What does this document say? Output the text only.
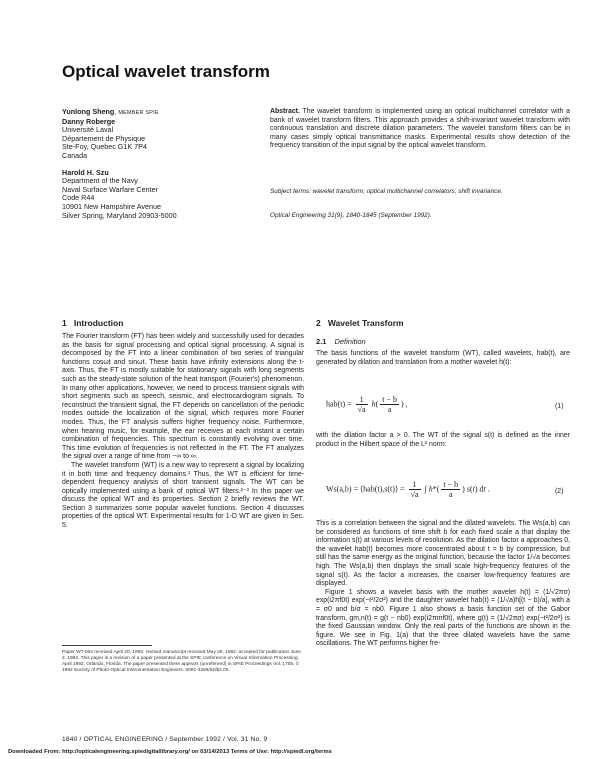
Optical wavelet transform
Yunlong Sheng, MEMBER SPIE
Danny Roberge
Université Laval
Département de Physique
Ste-Foy, Quebec G1K 7P4
Canada
Harold H. Szu
Department of the Navy
Naval Surface Warfare Center
Code R44
10901 New Hampshire Avenue
Silver Spring, Maryland 20903-5000
Abstract. The wavelet transform is implemented using an optical multichannel correlator with a bank of wavelet transform filters. This approach provides a shift-invariant wavelet transform with continuous translation and discrete dilation parameters. The wavelet transform filters can be in many cases simply optical transmittance masks. Experimental results show detection of the frequency transition of the input signal by the optical wavelet transform.
Subject terms: wavelet transform; optical multichannel correlators; shift invariance.
Optical Engineering 31(9), 1840-1845 (September 1992).
1 Introduction

The Fourier transform (FT) has been widely and successfully used for decades as the basis for signal processing and optical signal processing. A signal is decomposed by the FT into a linear combination of two series of triangular functions cosωt and sinωt. These basis have infinity extensions along the t-axis. Thus, the FT is mostly suitable for stationary signals with long segments such as the steady-state solution of the heat transport (Fourier's) phenomenon. In many other applications, however, we need to process transient signals with short segments such as speech, seismic, and electrocardiogram signals. To reconstruct the transient signal, the FT depends on cancellation of the periodic modes outside the localization of the signal, which requires more Fourier modes. Thus, the FT analysis suffers higher frequency noise. Furthermore, when hearing music, for example, the ear receives at each instant a certain combination of frequencies. This spectrum is constantly evolving over time. This time evolution of frequencies is not reflected in the FT. The FT analyzes the signal over a range of time from −∞ to ∞.

The wavelet transform (WT) is a new way to represent a signal by localizing it in both time and frequency domains.¹ Thus, the WT is efficient for time-dependent frequency analysis of short transient signals. The WT can be optically implemented using a bank of optical WT filters.²⁻³ In this paper we discuss the optical WT and its properties. Section 2 briefly reviews the WT. Section 3 summarizes some popular wavelet functions. Section 4 discusses properties of the optical WT. Experimental results for 1-D WT are given in Sec. 5.

2 Wavelet Transform
2.1 Definition
The basis functions of the wavelet transform (WT), called wavelets, hab(t), are generated by dilation and translation from a mother wavelet h(t):
$hab(t) = \frac{1}{√a} h( \frac{t - b}{a}$ ) ,	(1)
with the dilation factor a > 0. The WT of the signal s(t) is defined as the inner product in the Hilbert space of the L² norm:
Ws(a,b) = ⟨hab(t),s(t)⟩ = $\frac{1}{√a}$ ∫ $h*( \frac{t - b}{a}$ ) s(t) dt .	(2)

This is a correlation between the signal and the dilated wavelets. The Ws(a,b) can be considered as functions of time shift b for each fixed scale a that display the information s(t) at various levels of resolution. As the dilation factor a approaches 0, the wavelet hab(t) becomes more concentrated about t = b by compression, but still has the same energy as the original function, because the factor 1/√a becomes high. The Ws(a,b) then displays the small scale high-frequency features of the signal s(t). As the factor a increases, the coarser low-frequency features are displayed.

Figure 1 shows a wavelet basis with the mother wavelet h(t) = (1/√2πσ) exp(i2πf0t) exp(−t²/2σ²) and the daughter wavelet hab(t) = (1/√a)h[(t − b)/a], with a = σ0 and b/σ = nb0. Figure 1 also shows a basis function set of the Gabor transform, gm,n(t) = g(t − nb0) exp(i2πmf0t), where g(t) = (1/√2πσ) exp(−t²/2σ²) is the fixed Gaussian window. Only the real parts of the functions are shown in the figure. We see in Fig. 1(a) that the three dilated wavelets have the same oscillations. The WT performs higher fre-

Paper WT-004 received April 20, 1992; revised manuscript received May 28, 1992; accepted for publication June 2, 1992. This paper is a revision of a paper presented at the SPIE conference on Visual Information Processing, April 1992, Orlando, Florida. The paper presented there appears (unrefereed) in SPIE Proceedings Vol. 1705. © 1992 Society of Photo-Optical Instrumentation Engineers. 0091-3286/92/$2.00.
1840 / OPTICAL ENGINEERING / September 1992 / Vol. 31 No. 9
Downloaded From: http://opticalengineering.spiedigitallibrary.org/ on 03/14/2013 Terms of Use: http://spiedl.org/terms
